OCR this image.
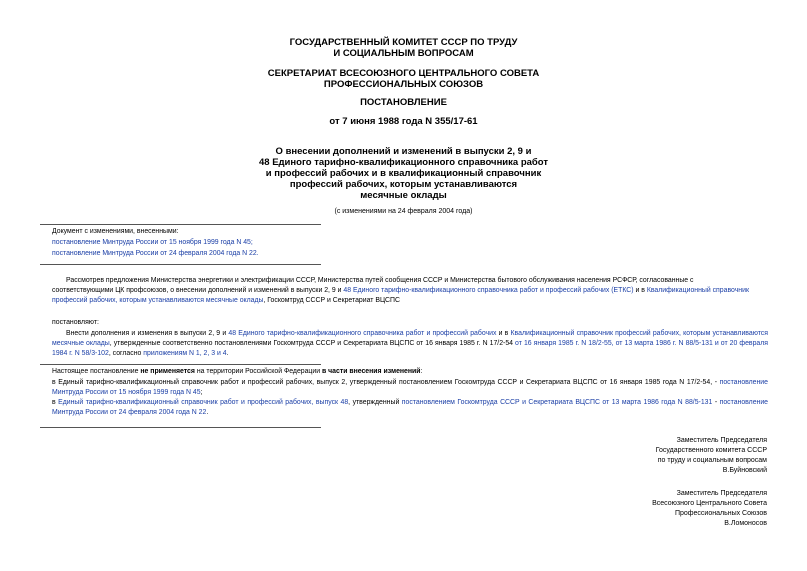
ГОСУДАРСТВЕННЫЙ КОМИТЕТ СССР ПО ТРУДУ
И СОЦИАЛЬНЫМ ВОПРОСАМ
СЕКРЕТАРИАТ ВСЕСОЮЗНОГО ЦЕНТРАЛЬНОГО СОВЕТА
ПРОФЕССИОНАЛЬНЫХ СОЮЗОВ
ПОСТАНОВЛЕНИЕ
от 7 июня 1988 года N 355/17-61
О внесении дополнений и изменений в выпуски 2, 9 и
48 Единого тарифно-квалификационного справочника работ
и профессий рабочих и в квалификационный справочник
профессий рабочих, которым устанавливаются
месячные оклады
(с изменениями на 24 февраля 2004 года)
Документ с изменениями, внесенными:
постановление Минтруда России от 15 ноября 1999 года N 45;
постановление Минтруда России от 24 февраля 2004 года N 22.
Рассмотрев предложения Министерства энергетики и электрификации СССР, Министерства путей сообщения СССР и Министерства бытового обслуживания населения РСФСР, согласованные с
соответствующими ЦК профсоюзов, о внесении дополнений и изменений в выпуски 2, 9 и 48 Единого тарифно-квалификационного справочника работ и профессий рабочих (ЕТКС) и в Квалификационный справочник
профессий рабочих, которым устанавливаются месячные оклады, Госкомтруд СССР и Секретариат ВЦСПС
постановляют:
Внести дополнения и изменения в выпуски 2, 9 и 48 Единого тарифно-квалификационного справочника работ и профессий рабочих и в Квалификационный справочник профессий рабочих, которым устанавливаются месячные оклады, утвержденные соответственно постановлениями Госкомтруда СССР и Секретариата ВЦСПС от 16 января 1985 г. N 17/2-54 от 16 января 1985 г. N 18/2-55, от 13 марта 1986 г. N 88/5-131 и от 20 февраля 1984 г. N 58/3-102, согласно приложениям N 1, 2, 3 и 4.
Настоящее постановление не применяется на территории Российской Федерации в части внесения изменений:
в Единый тарифно-квалификационный справочник работ и профессий рабочих, выпуск 2, утвержденный постановлением Госкомтруда СССР и Секретариата ВЦСПС от 16 января 1985 года N 17/2-54, - постановление Минтруда России от 15 ноября 1999 года N 45;
в Единый тарифно-квалификационный справочник работ и профессий рабочих, выпуск 48, утвержденный постановлением Госкомтруда СССР и Секретариата ВЦСПС от 13 марта 1986 года N 88/5-131 - постановление Минтруда России от 24 февраля 2004 года N 22.
Заместитель Председателя
Государственного комитета СССР
по труду и социальным вопросам
В.Буйновский
Заместитель Председателя
Всесоюзного Центрального Совета
Профессиональных Союзов
В.Ломоносов
